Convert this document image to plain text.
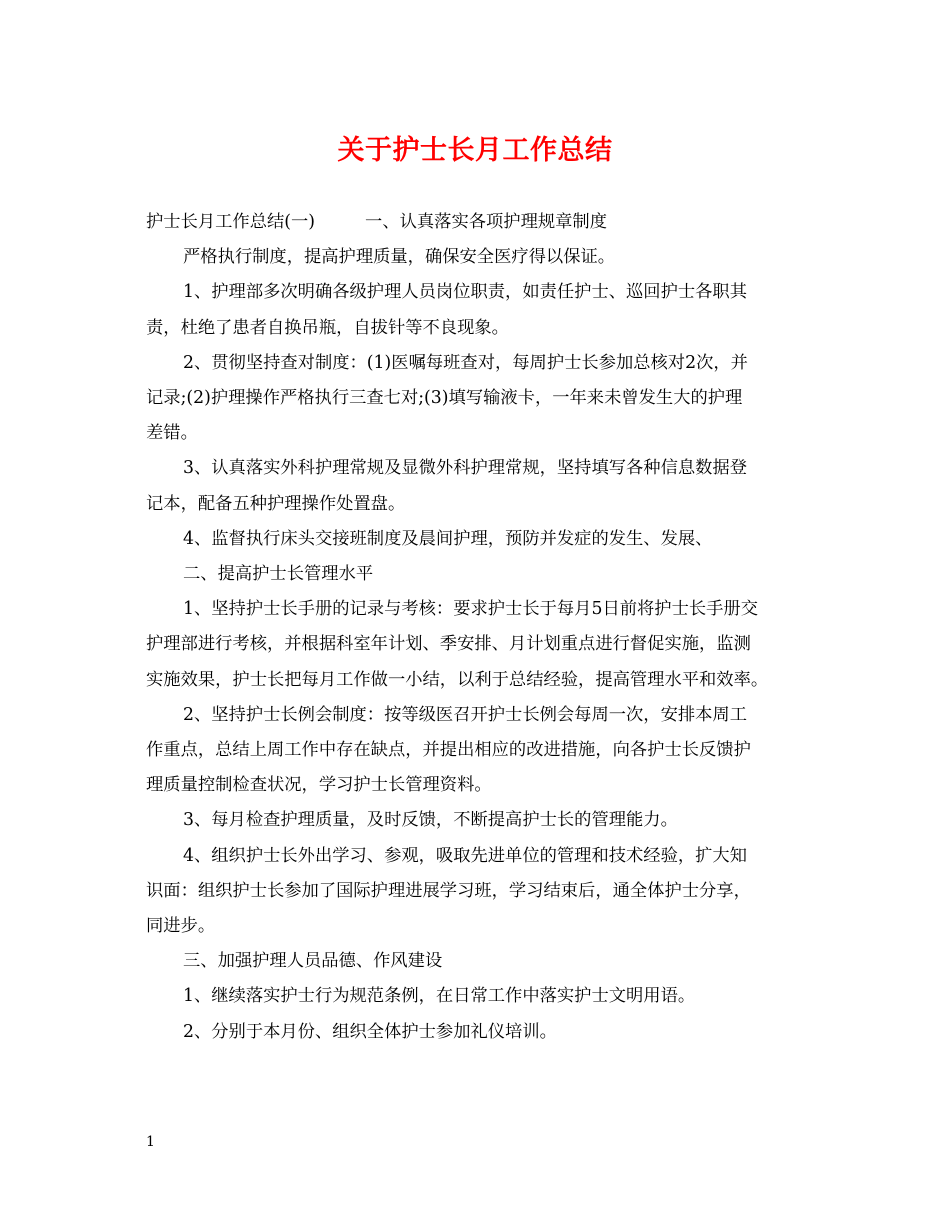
关于护士长月工作总结
护士长月工作总结(一)	一、认真落实各项护理规章制度
严格执行制度，提高护理质量，确保安全医疗得以保证。
1、护理部多次明确各级护理人员岗位职责，如责任护士、巡回护士各职其
责，杜绝了患者自换吊瓶，自拔针等不良现象。
2、贯彻坚持查对制度：(1)医嘱每班查对，每周护士长参加总核对2次，并
记录;(2)护理操作严格执行三查七对;(3)填写输液卡，一年来未曾发生大的护理
差错。
3、认真落实外科护理常规及显微外科护理常规，坚持填写各种信息数据登
记本，配备五种护理操作处置盘。
4、监督执行床头交接班制度及晨间护理，预防并发症的发生、发展、
二、提高护士长管理水平
1、坚持护士长手册的记录与考核：要求护士长于每月5日前将护士长手册交
护理部进行考核，并根据科室年计划、季安排、月计划重点进行督促实施，监测
实施效果，护士长把每月工作做一小结，以利于总结经验，提高管理水平和效率。
2、坚持护士长例会制度：按等级医召开护士长例会每周一次，安排本周工
作重点，总结上周工作中存在缺点，并提出相应的改进措施，向各护士长反馈护
理质量控制检查状况，学习护士长管理资料。
3、每月检查护理质量，及时反馈，不断提高护士长的管理能力。
4、组织护士长外出学习、参观，吸取先进单位的管理和技术经验，扩大知
识面：组织护士长参加了国际护理进展学习班，学习结束后，通全体护士分享，
同进步。
三、加强护理人员品德、作风建设
1、继续落实护士行为规范条例，在日常工作中落实护士文明用语。
2、分别于本月份、组织全体护士参加礼仪培训。
1
